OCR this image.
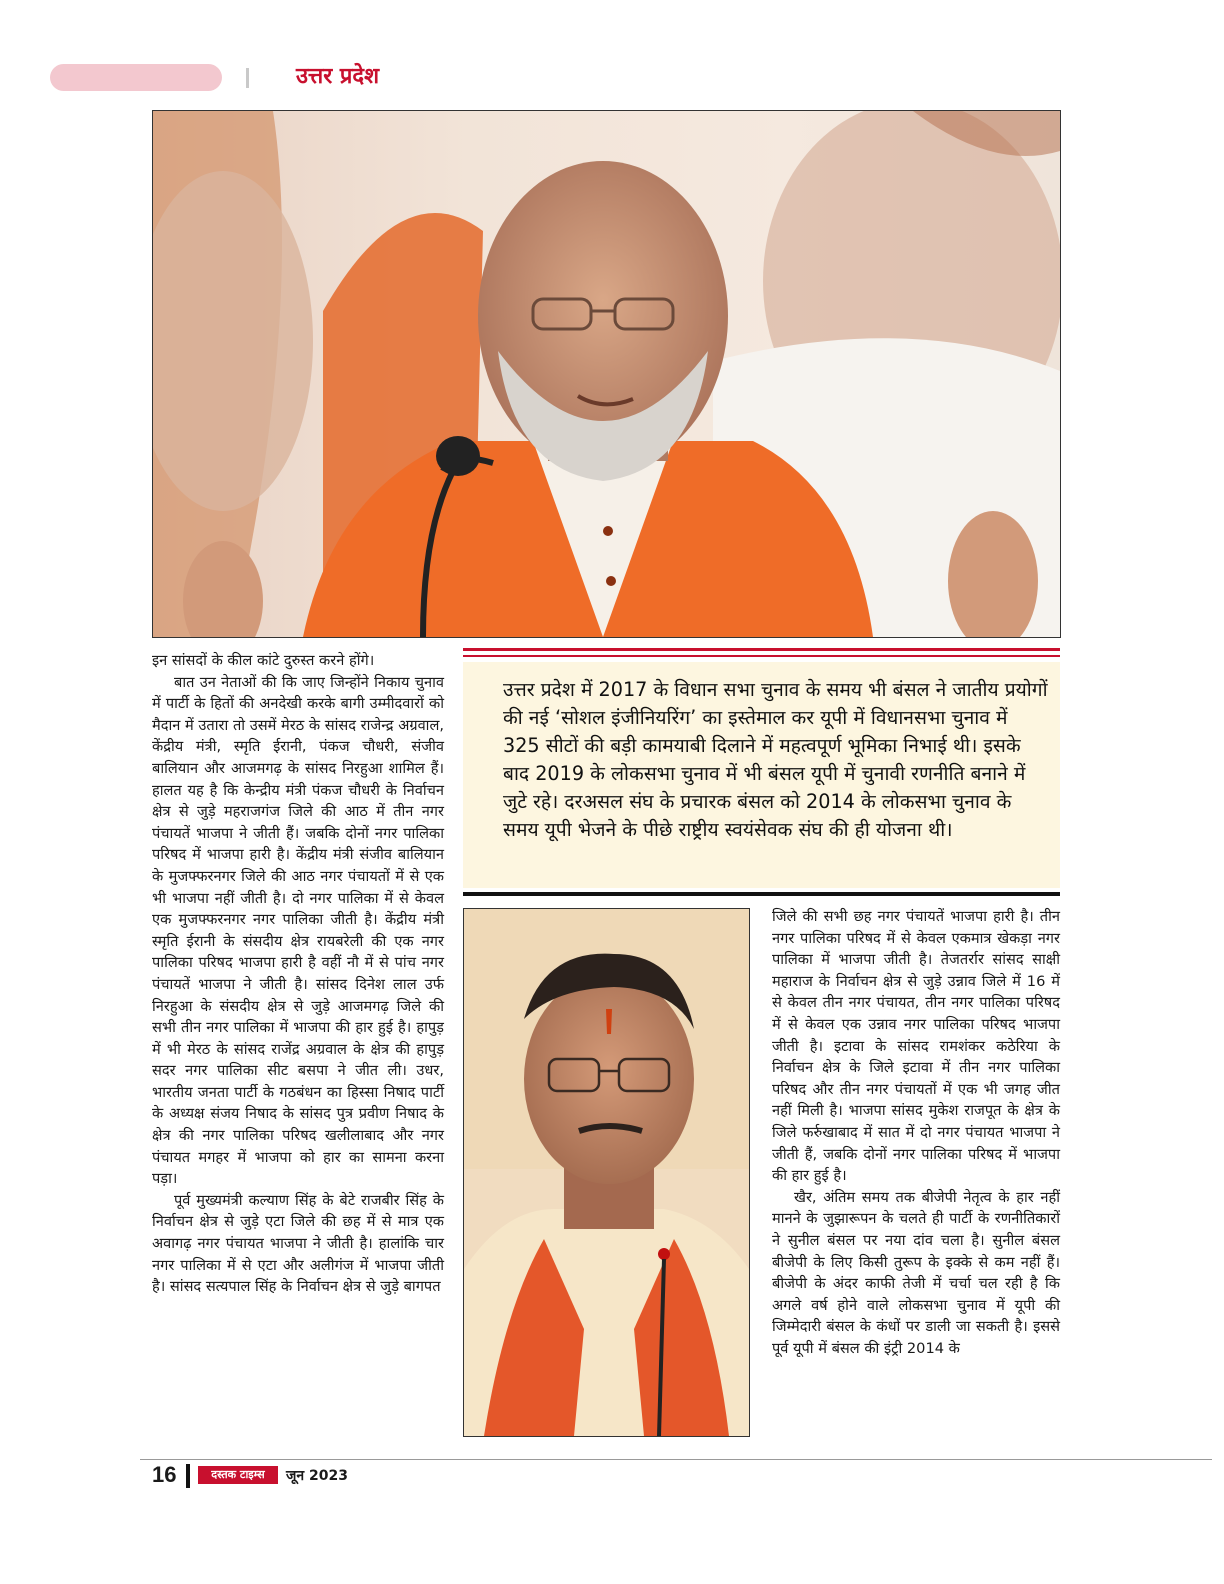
उत्तर प्रदेश

इन सांसदों के कील कांटे दुरुस्त करने होंगे।

बात उन नेताओं की कि जाए जिन्होंने निकाय चुनाव में पार्टी के हितों की अनदेखी करके बागी उम्मीदवारों को मैदान में उतारा तो उसमें मेरठ के सांसद राजेन्द्र अग्रवाल, केंद्रीय मंत्री, स्मृति ईरानी, पंकज चौधरी, संजीव बालियान और आजमगढ़ के सांसद निरहुआ शामिल हैं। हालत यह है कि केन्द्रीय मंत्री पंकज चौधरी के निर्वाचन क्षेत्र से जुड़े महराजगंज जिले की आठ में तीन नगर पंचायतें भाजपा ने जीती हैं। जबकि दोनों नगर पालिका परिषद में भाजपा हारी है। केंद्रीय मंत्री संजीव बालियान के मुजफ्फरनगर जिले की आठ नगर पंचायतों में से एक भी भाजपा नहीं जीती है। दो नगर पालिका में से केवल एक मुजफ्फरनगर नगर पालिका जीती है। केंद्रीय मंत्री स्मृति ईरानी के संसदीय क्षेत्र रायबरेली की एक नगर पालिका परिषद भाजपा हारी है वहीं नौ में से पांच नगर पंचायतें भाजपा ने जीती है। सांसद दिनेश लाल उर्फ निरहुआ के संसदीय क्षेत्र से जुड़े आजमगढ़ जिले की सभी तीन नगर पालिका में भाजपा की हार हुई है। हापुड़ में भी मेरठ के सांसद राजेंद्र अग्रवाल के क्षेत्र की हापुड़ सदर नगर पालिका सीट बसपा ने जीत ली। उधर, भारतीय जनता पार्टी के गठबंधन का हिस्सा निषाद पार्टी के अध्यक्ष संजय निषाद के सांसद पुत्र प्रवीण निषाद के क्षेत्र की नगर पालिका परिषद खलीलाबाद और नगर पंचायत मगहर में भाजपा को हार का सामना करना पड़ा।

पूर्व मुख्यमंत्री कल्याण सिंह के बेटे राजबीर सिंह के निर्वाचन क्षेत्र से जुड़े एटा जिले की छह में से मात्र एक अवागढ़ नगर पंचायत भाजपा ने जीती है। हालांकि चार नगर पालिका में से एटा और अलीगंज में भाजपा जीती है। सांसद सत्यपाल सिंह के निर्वाचन क्षेत्र से जुड़े बागपत

उत्तर प्रदेश में 2017 के विधान सभा चुनाव के समय भी बंसल ने जातीय प्रयोगों की नई ‘सोशल इंजीनियरिंग’ का इस्तेमाल कर यूपी में विधानसभा चुनाव में 325 सीटों की बड़ी कामयाबी दिलाने में महत्वपूर्ण भूमिका निभाई थी। इसके बाद 2019 के लोकसभा चुनाव में भी बंसल यूपी में चुनावी रणनीति बनाने में जुटे रहे। दरअसल संघ के प्रचारक बंसल को 2014 के लोकसभा चुनाव के समय यूपी भेजने के पीछे राष्ट्रीय स्वयंसेवक संघ की ही योजना थी।

जिले की सभी छह नगर पंचायतें भाजपा हारी है। तीन नगर पालिका परिषद में से केवल एकमात्र खेकड़ा नगर पालिका में भाजपा जीती है। तेजतर्रार सांसद साक्षी महाराज के निर्वाचन क्षेत्र से जुड़े उन्नाव जिले में 16 में से केवल तीन नगर पंचायत, तीन नगर पालिका परिषद में से केवल एक उन्नाव नगर पालिका परिषद भाजपा जीती है। इटावा के सांसद रामशंकर कठेरिया के निर्वाचन क्षेत्र के जिले इटावा में तीन नगर पालिका परिषद और तीन नगर पंचायतों में एक भी जगह जीत नहीं मिली है। भाजपा सांसद मुकेश राजपूत के क्षेत्र के जिले फर्रुखाबाद में सात में दो नगर पंचायत भाजपा ने जीती हैं, जबकि दोनों नगर पालिका परिषद में भाजपा की हार हुई है।

खैर, अंतिम समय तक बीजेपी नेतृत्व के हार नहीं मानने के जुझारूपन के चलते ही पार्टी के रणनीतिकारों ने सुनील बंसल पर नया दांव चला है। सुनील बंसल बीजेपी के लिए किसी तुरूप के इक्के से कम नहीं हैं। बीजेपी के अंदर काफी तेजी में चर्चा चल रही है कि अगले वर्ष होने वाले लोकसभा चुनाव में यूपी की जिम्मेदारी बंसल के कंधों पर डाली जा सकती है। इससे पूर्व यूपी में बंसल की इंट्री 2014 के

16	दस्तक टाइम्स	जून 2023
